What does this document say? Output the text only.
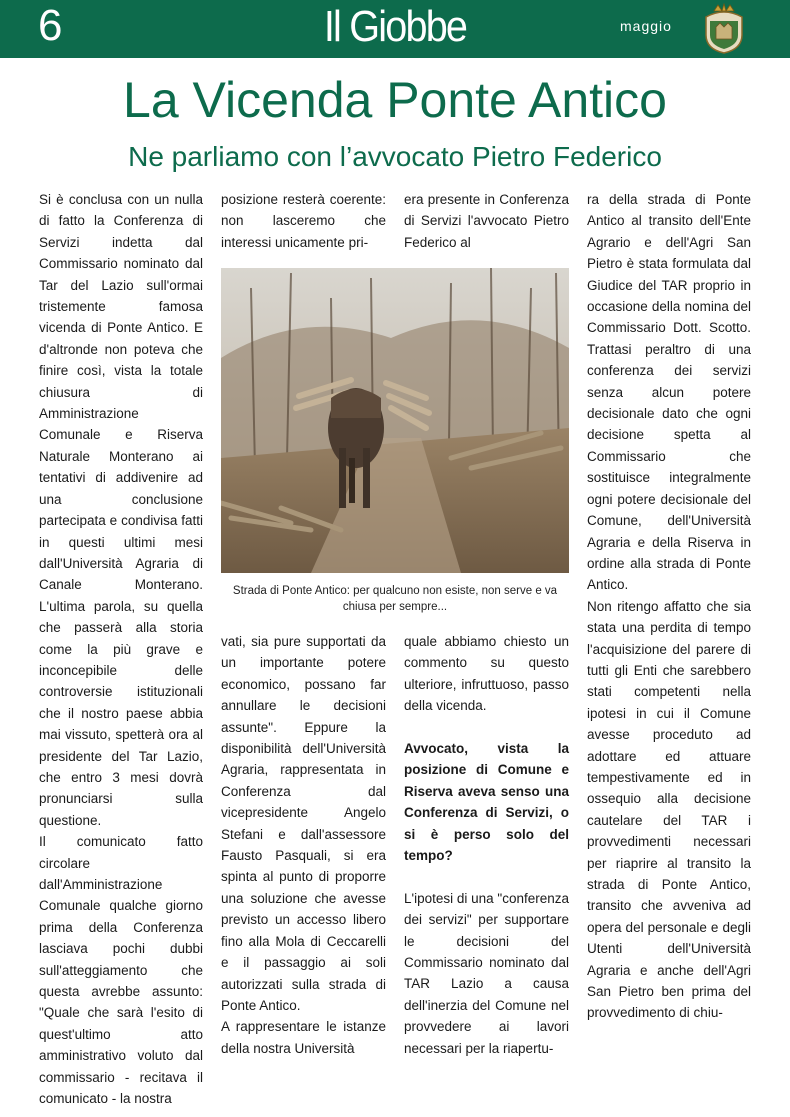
6	Il Giobbe	maggio
La Vicenda Ponte Antico
Ne parliamo con l’avvocato Pietro Federico

Si è conclusa con un nulla di fatto la Conferenza di Servizi indetta dal Commissario nominato dal Tar del Lazio sull'ormai tristemente famosa vicenda di Ponte Antico. E d'altronde non poteva che finire così, vista la totale chiusura di Amministrazione Comunale e Riserva Naturale Monterano ai tentativi di addivenire ad una conclusione partecipata e condivisa fatti in questi ultimi mesi dall'Università Agraria di Canale Monterano. L'ultima parola, su quella che passerà alla storia come la più grave e inconcepibile delle controversie istituzionali che il nostro paese abbia mai vissuto, spetterà ora al presidente del Tar Lazio, che entro 3 mesi dovrà pronunciarsi sulla questione.

Il comunicato fatto circolare dall'Amministrazione Comunale qualche giorno prima della Conferenza lasciava pochi dubbi sull'atteggiamento che questa avrebbe assunto: "Quale che sarà l'esito di quest'ultimo atto amministrativo voluto dal commissario - recitava il comunicato - la nostra

posizione resterà coerente: non lasceremo che interessi unicamente pri-

era presente in Conferenza di Servizi l'avvocato Pietro Federico al

Strada di Ponte Antico: per qualcuno non esiste, non serve e va chiusa per sempre...

vati, sia pure supportati da un importante potere economico, possano far annullare le decisioni assunte". Eppure la disponibilità dell'Università Agraria, rappresentata in Conferenza dal vicepresidente Angelo Stefani e dall'assessore Fausto Pasquali, si era spinta al punto di proporre una soluzione che avesse previsto un accesso libero fino alla Mola di Ceccarelli e il passaggio ai soli autorizzati sulla strada di Ponte Antico.

A rappresentare le istanze della nostra Università

quale abbiamo chiesto un commento su questo ulteriore, infruttuoso, passo della vicenda.

Avvocato, vista la posizione di Comune e Riserva aveva senso una Conferenza di Servizi, o si è perso solo del tempo?

L'ipotesi di una "conferenza dei servizi" per supportare le decisioni del Commissario nominato dal TAR Lazio a causa dell'inerzia del Comune nel provvedere ai lavori necessari per la riapertu-

ra della strada di Ponte Antico al transito dell'Ente Agrario e dell'Agri San Pietro è stata formulata dal Giudice del TAR proprio in occasione della nomina del Commissario Dott. Scotto. Trattasi peraltro di una conferenza dei servizi senza alcun potere decisionale dato che ogni decisione spetta al Commissario che sostituisce integralmente ogni potere decisionale del Comune, dell'Università Agraria e della Riserva in ordine alla strada di Ponte Antico.

Non ritengo affatto che sia stata una perdita di tempo l'acquisizione del parere di tutti gli Enti che sarebbero stati competenti nella ipotesi in cui il Comune avesse proceduto ad adottare ed attuare tempestivamente ed in ossequio alla decisione cautelare del TAR i provvedimenti necessari per riaprire al transito la strada di Ponte Antico, transito che avveniva ad opera del personale e degli Utenti dell'Università Agraria e anche dell'Agri San Pietro ben prima del provvedimento di chiu-
